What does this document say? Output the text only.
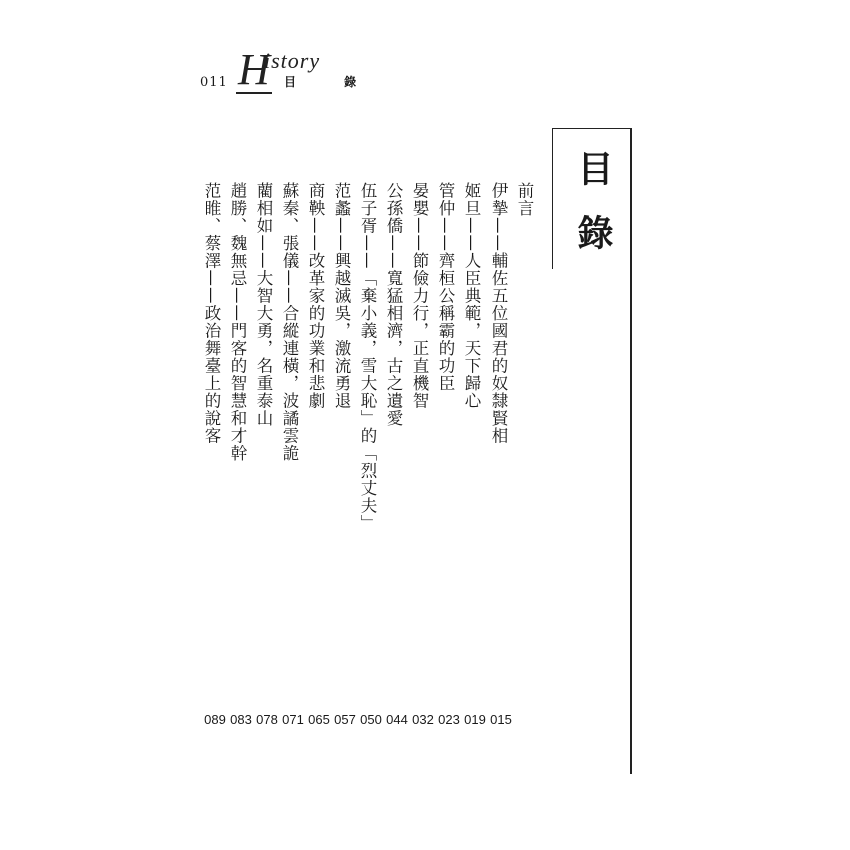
011 H
istory
目 錄
目錄
前言
伊摯——輔佐五位國君的奴隸賢相
姬旦——人臣典範，天下歸心
管仲——齊桓公稱霸的功臣
晏嬰——節儉力行，正直機智
公孫僑——寬猛相濟，古之遺愛
伍子胥——「棄小義，雪大恥」的「烈丈夫」
范蠡——興越滅吳，激流勇退
商鞅——改革家的功業和悲劇
蘇秦、張儀——合縱連橫，波譎雲詭
藺相如——大智大勇，名重泰山
趙勝、魏無忌——門客的智慧和才幹
范睢、蔡澤——政治舞臺上的說客
015
019
023
032
044
050
057
065
071
078
083
089
